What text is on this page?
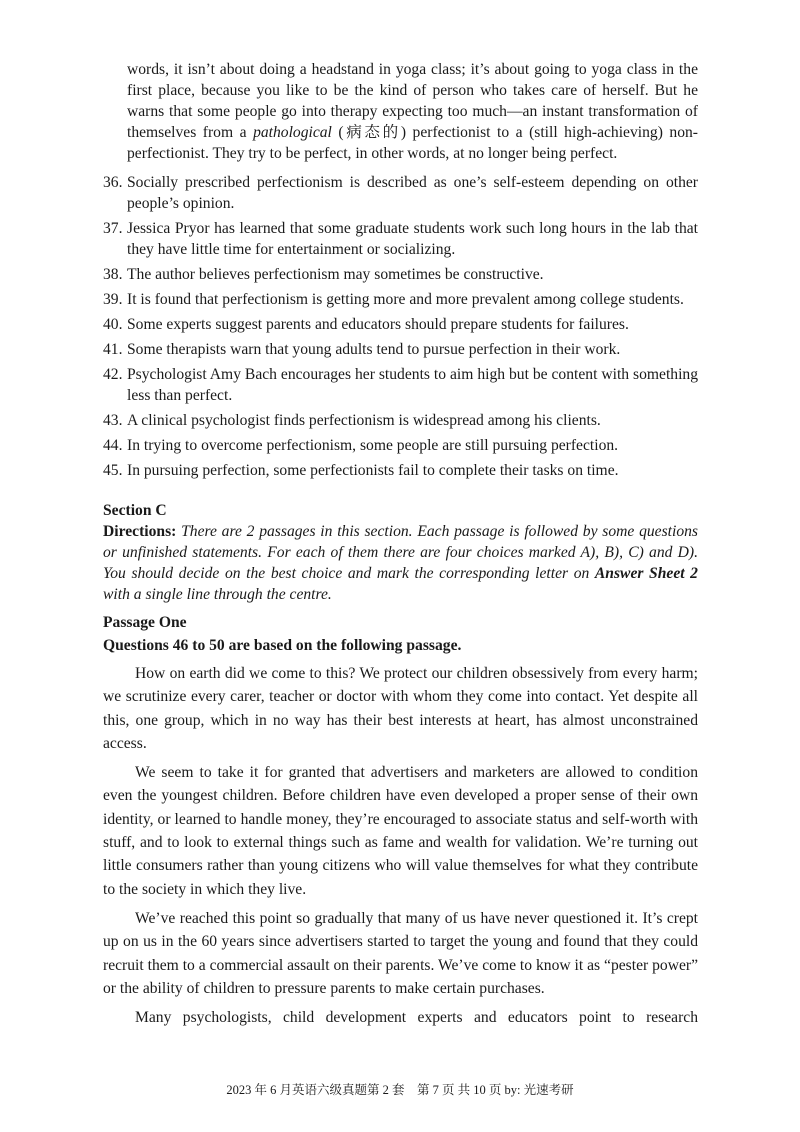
words, it isn’t about doing a headstand in yoga class; it’s about going to yoga class in the first place, because you like to be the kind of person who takes care of herself. But he warns that some people go into therapy expecting too much—an instant transformation of themselves from a pathological (病态的) perfectionist to a (still high-achieving) non-perfectionist. They try to be perfect, in other words, at no longer being perfect.

36. Socially prescribed perfectionism is described as one’s self-esteem depending on other people’s opinion.
37. Jessica Pryor has learned that some graduate students work such long hours in the lab that they have little time for entertainment or socializing.
38. The author believes perfectionism may sometimes be constructive.
39. It is found that perfectionism is getting more and more prevalent among college students.
40. Some experts suggest parents and educators should prepare students for failures.
41. Some therapists warn that young adults tend to pursue perfection in their work.
42. Psychologist Amy Bach encourages her students to aim high but be content with something less than perfect.
43. A clinical psychologist finds perfectionism is widespread among his clients.
44. In trying to overcome perfectionism, some people are still pursuing perfection.
45. In pursuing perfection, some perfectionists fail to complete their tasks on time.
Section C
Directions: There are 2 passages in this section. Each passage is followed by some questions or unfinished statements. For each of them there are four choices marked A), B), C) and D). You should decide on the best choice and mark the corresponding letter on Answer Sheet 2 with a single line through the centre.
Passage One
Questions 46 to 50 are based on the following passage.

How on earth did we come to this? We protect our children obsessively from every harm; we scrutinize every carer, teacher or doctor with whom they come into contact. Yet despite all this, one group, which in no way has their best interests at heart, has almost unconstrained access.

We seem to take it for granted that advertisers and marketers are allowed to condition even the youngest children. Before children have even developed a proper sense of their own identity, or learned to handle money, they’re encouraged to associate status and self-worth with stuff, and to look to external things such as fame and wealth for validation. We’re turning out little consumers rather than young citizens who will value themselves for what they contribute to the society in which they live.

We’ve reached this point so gradually that many of us have never questioned it. It’s crept up on us in the 60 years since advertisers started to target the young and found that they could recruit them to a commercial assault on their parents. We’ve come to know it as “pester power” or the ability of children to pressure parents to make certain purchases.

Many psychologists, child development experts and educators point to research

2023 年 6 月英语六级真题第 2 套　第 7 页 共 10 页 by: 光速考研
